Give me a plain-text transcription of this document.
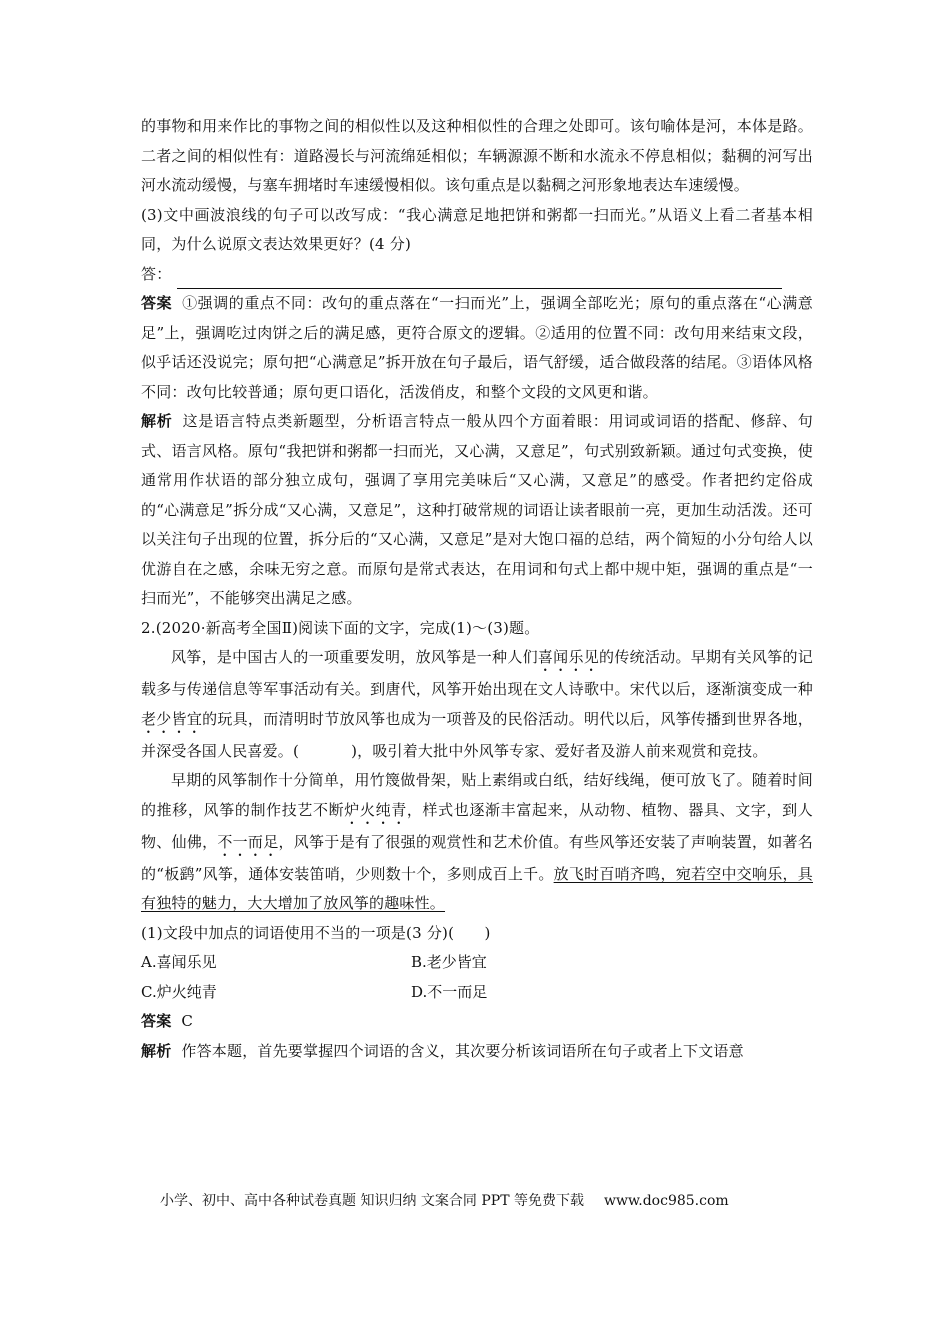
的事物和用来作比的事物之间的相似性以及这种相似性的合理之处即可。该句喻体是河，本体是路。二者之间的相似性有：道路漫长与河流绵延相似；车辆源源不断和水流永不停息相似；黏稠的河写出河水流动缓慢，与塞车拥堵时车速缓慢相似。该句重点是以黏稠之河形象地表达车速缓慢。

(3)文中画波浪线的句子可以改写成：“我心满意足地把饼和粥都一扫而光。”从语义上看二者基本相同，为什么说原文表达效果更好？(4 分)

答：

答案 ①强调的重点不同：改句的重点落在“一扫而光”上，强调全部吃光；原句的重点落在“心满意足”上，强调吃过肉饼之后的满足感，更符合原文的逻辑。②适用的位置不同：改句用来结束文段，似乎话还没说完；原句把“心满意足”拆开放在句子最后，语气舒缓，适合做段落的结尾。③语体风格不同：改句比较普通；原句更口语化，活泼俏皮，和整个文段的文风更和谐。

解析 这是语言特点类新题型，分析语言特点一般从四个方面着眼：用词或词语的搭配、修辞、句式、语言风格。原句“我把饼和粥都一扫而光，又心满，又意足”，句式别致新颖。通过句式变换，使通常用作状语的部分独立成句，强调了享用完美味后“又心满，又意足”的感受。作者把约定俗成的“心满意足”拆分成“又心满，又意足”，这种打破常规的词语让读者眼前一亮，更加生动活泼。还可以关注句子出现的位置，拆分后的“又心满，又意足”是对大饱口福的总结，两个简短的小分句给人以优游自在之感，余味无穷之意。而原句是常式表达，在用词和句式上都中规中矩，强调的重点是“一扫而光”，不能够突出满足之感。

2.(2020·新高考全国Ⅱ)阅读下面的文字，完成(1)～(3)题。

风筝，是中国古人的一项重要发明，放风筝是一种人们喜闻乐见的传统活动。早期有关风筝的记载多与传递信息等军事活动有关。到唐代，风筝开始出现在文人诗歌中。宋代以后，逐渐演变成一种老少皆宜的玩具，而清明时节放风筝也成为一项普及的民俗活动。明代以后，风筝传播到世界各地，并深受各国人民喜爱。(	)，吸引着大批中外风筝专家、爱好者及游人前来观赏和竞技。

早期的风筝制作十分简单，用竹篾做骨架，贴上素绢或白纸，结好线绳，便可放飞了。随着时间的推移，风筝的制作技艺不断炉火纯青，样式也逐渐丰富起来，从动物、植物、器具、文字，到人物、仙佛，不一而足，风筝于是有了很强的观赏性和艺术价值。有些风筝还安装了声响装置，如著名的“板鹞”风筝，通体安装笛哨，少则数十个，多则成百上千。放飞时百哨齐鸣，宛若空中交响乐，具有独特的魅力，大大增加了放风筝的趣味性。

(1)文段中加点的词语使用不当的一项是(3 分)(　　)

A.喜闻乐见	B.老少皆宜
C.炉火纯青	D.不一而足

答案 C

解析 作答本题，首先要掌握四个词语的含义，其次要分析该词语所在句子或者上下文语意

小学、初中、高中各种试卷真题 知识归纳 文案合同 PPT 等免费下载 www.doc985.com
